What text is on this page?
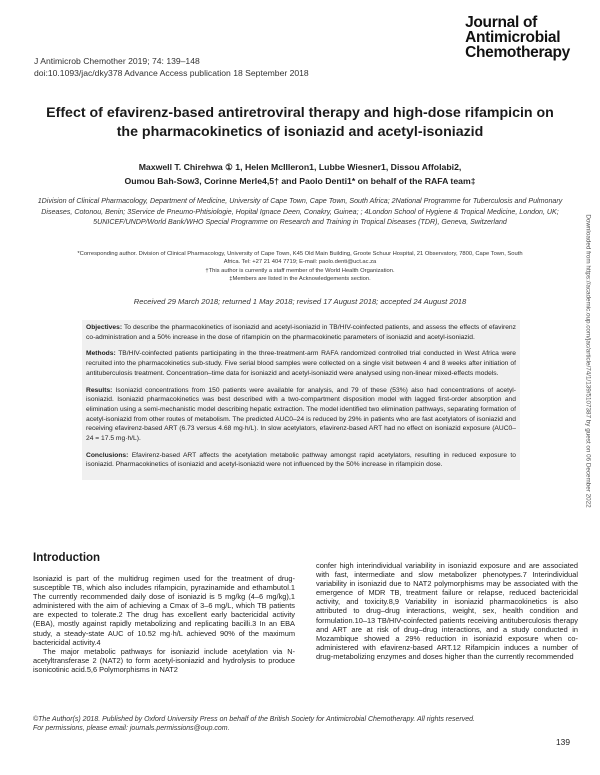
J Antimicrob Chemother 2019; 74: 139–148
doi:10.1093/jac/dky378 Advance Access publication 18 September 2018
Journal of
Antimicrobial
Chemotherapy
Effect of efavirenz-based antiretroviral therapy and high-dose rifampicin on the pharmacokinetics of isoniazid and acetyl-isoniazid
Maxwell T. Chirehwa ① 1, Helen McIlleron1, Lubbe Wiesner1, Dissou Affolabi2,
Oumou Bah-Sow3, Corinne Merle4,5† and Paolo Denti1* on behalf of the RAFA team‡
1Division of Clinical Pharmacology, Department of Medicine, University of Cape Town, Cape Town, South Africa; 2National Programme for Tuberculosis and Pulmonary Diseases, Cotonou, Benin; 3Service de Pneumo-Phtisiologie, Hopital Ignace Deen, Conakry, Guinea; ; 4London School of Hygiene & Tropical Medicine, London, UK; 5UNICEF/UNDP/World Bank/WHO Special Programme on Research and Training in Tropical Diseases (TDR), Geneva, Switzerland
*Corresponding author. Division of Clinical Pharmacology, University of Cape Town, K45 Old Main Building, Groote Schuur Hospital, 21 Observatory, 7800, Cape Town, South Africa. Tel: +27 21 404 7719; E-mail: paolo.denti@uct.ac.za
†This author is currently a staff member of the World Health Organization.
‡Members are listed in the Acknowledgements section.
Received 29 March 2018; returned 1 May 2018; revised 17 August 2018; accepted 24 August 2018

Objectives: To describe the pharmacokinetics of isoniazid and acetyl-isoniazid in TB/HIV-coinfected patients, and assess the effects of efavirenz co-administration and a 50% increase in the dose of rifampicin on the pharmacokinetic parameters of isoniazid and acetyl-isoniazid.

Methods: TB/HIV-coinfected patients participating in the three-treatment-arm RAFA randomized controlled trial conducted in West Africa were recruited into the pharmacokinetics sub-study. Five serial blood samples were collected on a single visit between 4 and 8 weeks after initiation of antituberculosis treatment. Concentration–time data for isoniazid and acetyl-isoniazid were analysed using non-linear mixed-effects models.

Results: Isoniazid concentrations from 150 patients were available for analysis, and 79 of these (53%) also had concentrations of acetyl-isoniazid. Isoniazid pharmacokinetics was best described with a two-compartment disposition model with lagged first-order absorption and elimination using a semi-mechanistic model describing hepatic extraction. The model identified two elimination pathways, separating formation of acetyl-isoniazid from other routes of metabolism. The predicted AUC0–24 is reduced by 29% in patients who are fast acetylators of isoniazid and receiving efavirenz-based ART (6.73 versus 4.68 mg·h/L). In slow acetylators, efavirenz-based ART had no effect on isoniazid exposure (AUC0–24 = 17.5 mg·h/L).

Conclusions: Efavirenz-based ART affects the acetylation metabolic pathway amongst rapid acetylators, resulting in reduced exposure to isoniazid. Pharmacokinetics of isoniazid and acetyl-isoniazid were not influenced by the 50% increase in rifampicin dose.

Introduction

Isoniazid is part of the multidrug regimen used for the treatment of drug-susceptible TB, which also includes rifampicin, pyrazinamide and ethambutol.1 The currently recommended daily dose of isoniazid is 5 mg/kg (4–6 mg/kg),1 administered with the aim of achieving a Cmax of 3–6 mg/L, which TB patients are expected to tolerate.2 The drug has excellent early bactericidal activity (EBA), mostly against rapidly metabolizing and replicating bacilli.3 In an EBA study, a steady-state AUC of 10.52 mg·h/L achieved 90% of the maximum bactericidal activity.4

The major metabolic pathways for isoniazid include acetylation via N-acetyltransferase 2 (NAT2) to form acetyl-isoniazid and hydrolysis to produce isonicotinic acid.5,6 Polymorphisms in NAT2

confer high interindividual variability in isoniazid exposure and are associated with fast, intermediate and slow metabolizer phenotypes.7 Interindividual variability in isoniazid due to NAT2 polymorphisms may be associated with the emergence of MDR TB, treatment failure or relapse, reduced bactericidal activity, and toxicity.8,9 Variability in isoniazid pharmacokinetics is also attributed to drug–drug interactions, weight, sex, health condition and formulation.10–13 TB/HIV-coinfected patients receiving antituberculosis therapy and ART are at risk of drug–drug interactions, and a study conducted in Mozambique showed a 29% reduction in isoniazid exposure when co-administered with efavirenz-based ART.12 Rifampicin induces a number of drug-metabolizing enzymes and doses higher than the currently recommended

©The Author(s) 2018. Published by Oxford University Press on behalf of the British Society for Antimicrobial Chemotherapy. All rights reserved.
For permissions, please email: journals.permissions@oup.com.
139
Downloaded from https://academic.oup.com/jac/article/74/1/139/5107387 by guest on 06 December 2022
